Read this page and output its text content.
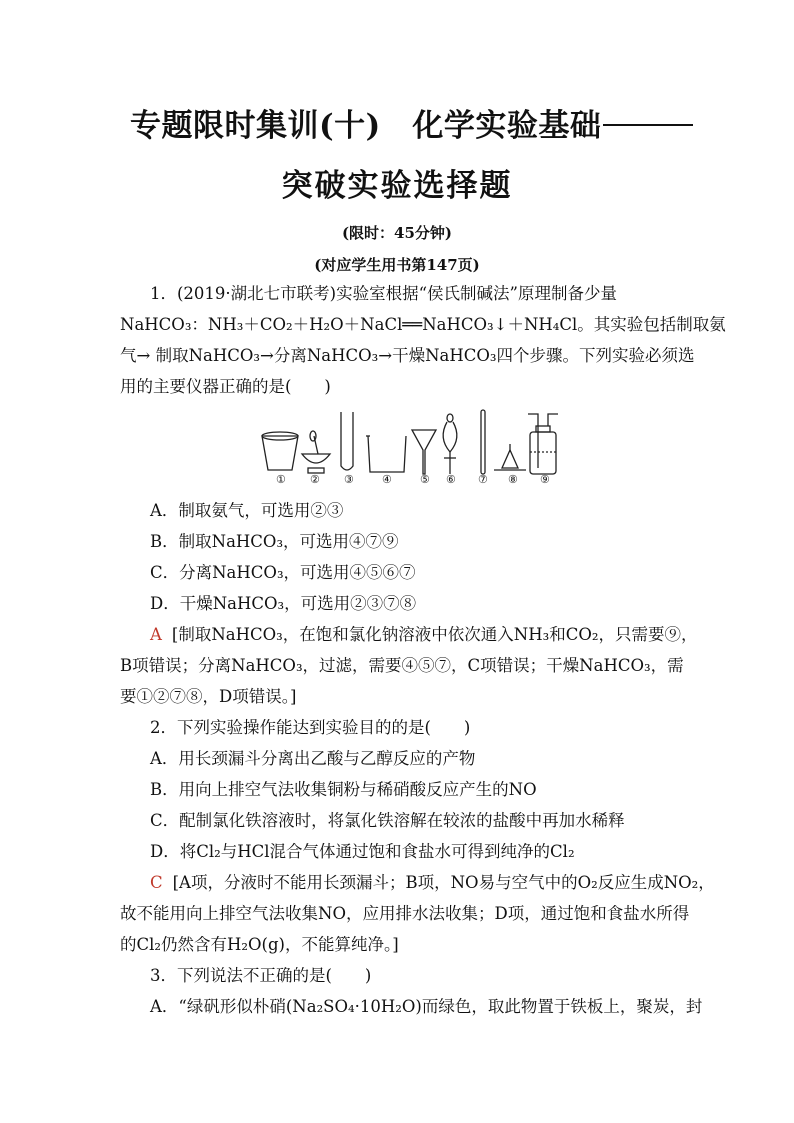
专题限时集训(十)　化学实验基础
突破实验选择题
(限时：45分钟)
(对应学生用书第147页)
1．(2019·湖北七市联考)实验室根据“侯氏制碱法”原理制备少量
NaHCO₃：NH₃＋CO₂＋H₂O＋NaCl══NaHCO₃↓＋NH₄Cl。其实验包括制取氨
气→ 制取NaHCO₃→分离NaHCO₃→干燥NaHCO₃四个步骤。下列实验必须选
用的主要仪器正确的是(　　)
① ② ③	④	⑤ ⑥ ⑦ ⑧ ⑨
A．制取氨气，可选用②③
B．制取NaHCO₃，可选用④⑦⑨
C．分离NaHCO₃，可选用④⑤⑥⑦
D．干燥NaHCO₃，可选用②③⑦⑧
A [制取NaHCO₃，在饱和氯化钠溶液中依次通入NH₃和CO₂，只需要⑨，
B项错误；分离NaHCO₃，过滤，需要④⑤⑦，C项错误；干燥NaHCO₃，需
要①②⑦⑧，D项错误。]
2．下列实验操作能达到实验目的的是(　　)
A．用长颈漏斗分离出乙酸与乙醇反应的产物
B．用向上排空气法收集铜粉与稀硝酸反应产生的NO
C．配制氯化铁溶液时，将氯化铁溶解在较浓的盐酸中再加水稀释
D．将Cl₂与HCl混合气体通过饱和食盐水可得到纯净的Cl₂
C [A项，分液时不能用长颈漏斗；B项，NO易与空气中的O₂反应生成NO₂，
故不能用向上排空气法收集NO，应用排水法收集；D项，通过饱和食盐水所得
的Cl₂仍然含有H₂O(g)，不能算纯净。]
3．下列说法不正确的是(　　)
A．“绿矾形似朴硝(Na₂SO₄·10H₂O)而绿色，取此物置于铁板上，聚炭，封
